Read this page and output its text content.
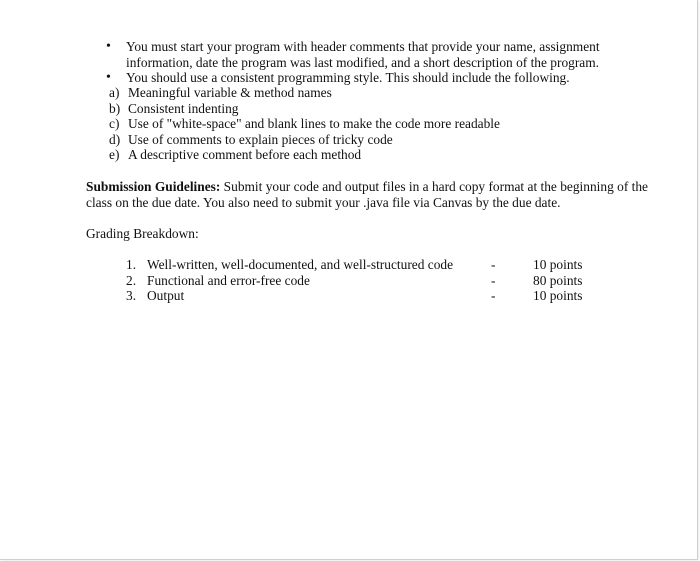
• You must start your program with header comments that provide your name, assignment information, date the program was last modified, and a short description of the program.
• You should use a consistent programming style. This should include the following.
a) Meaningful variable & method names
b) Consistent indenting
c) Use of "white-space" and blank lines to make the code more readable
d) Use of comments to explain pieces of tricky code
e) A descriptive comment before each method
Submission Guidelines: Submit your code and output files in a hard copy format at the beginning of the class on the due date. You also need to submit your .java file via Canvas by the due date.
Grading Breakdown:
1. Well-written, well-documented, and well-structured code	-	10 points
2. Functional and error-free code	-	80 points
3. Output	-	10 points
